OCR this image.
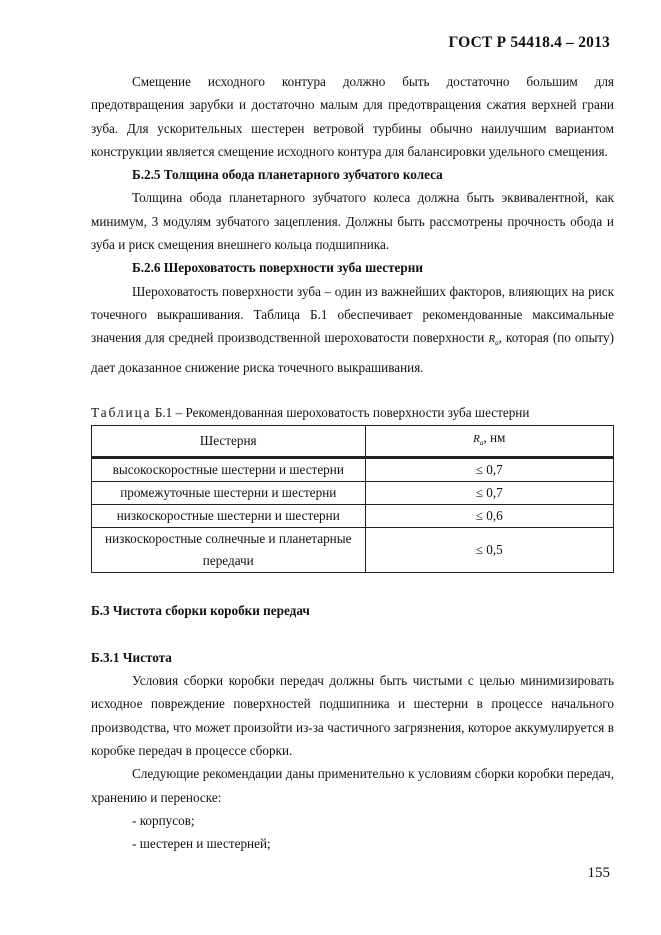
ГОСТ Р 54418.4 – 2013

Смещение исходного контура должно быть достаточно большим для предотвращения зарубки и достаточно малым для предотвращения сжатия верхней грани зуба. Для ускорительных шестерен ветровой турбины обычно наилучшим вариантом конструкции является смещение исходного контура для балансировки удельного смещения.

Б.2.5 Толщина обода планетарного зубчатого колеса

Толщина обода планетарного зубчатого колеса должна быть эквивалентной, как минимум, 3 модулям зубчатого зацепления. Должны быть рассмотрены прочность обода и зуба и риск смещения внешнего кольца подшипника.

Б.2.6 Шероховатость поверхности зуба шестерни

Шероховатость поверхности зуба – один из важнейших факторов, влияющих на риск точечного выкрашивания. Таблица Б.1 обеспечивает рекомендованные максимальные значения для средней производственной шероховатости поверхности $R_a$, которая (по опыту) дает доказанное снижение риска точечного выкрашивания.

Таблица Б.1 – Рекомендованная шероховатость поверхности зуба шестерни
Шестерня	$R_a$, нм
высокоскоростные шестерни и шестерни	≤ 0,7
промежуточные шестерни и шестерни	≤ 0,7
низкоскоростные шестерни и шестерни	≤ 0,6
низкоскоростные солнечные и планетарные передачи	≤ 0,5

Б.3 Чистота сборки коробки передач

Б.3.1 Чистота

Условия сборки коробки передач должны быть чистыми с целью минимизировать исходное повреждение поверхностей подшипника и шестерни в процессе начального производства, что может произойти из-за частичного загрязнения, которое аккумулируется в коробке передач в процессе сборки.

Следующие рекомендации даны применительно к условиям сборки коробки передач, хранению и переноске:

- корпусов;
- шестерен и шестерней;
155
